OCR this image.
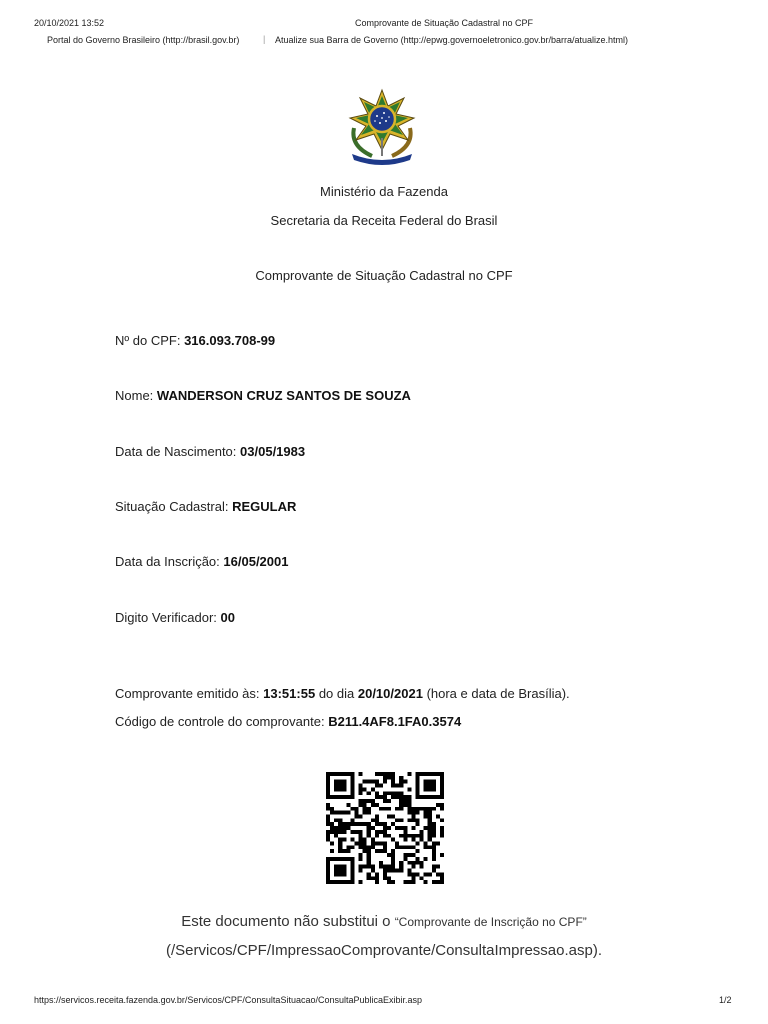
20/10/2021 13:52	Comprovante de Situação Cadastral no CPF
Portal do Governo Brasileiro (http://brasil.gov.br)	| Atualize sua Barra de Governo (http://epwg.governoeletronico.gov.br/barra/atualize.html)
Ministério da Fazenda
Secretaria da Receita Federal do Brasil
Comprovante de Situação Cadastral no CPF
Nº do CPF: 316.093.708-99
Nome: WANDERSON CRUZ SANTOS DE SOUZA
Data de Nascimento: 03/05/1983
Situação Cadastral: REGULAR
Data da Inscrição: 16/05/2001
Digito Verificador: 00
Comprovante emitido às: 13:51:55 do dia 20/10/2021 (hora e data de Brasília).
Código de controle do comprovante: B211.4AF8.1FA0.3574
Este documento não substitui o “Comprovante de Inscrição no CPF”
(/Servicos/CPF/ImpressaoComprovante/ConsultaImpressao.asp).
https://servicos.receita.fazenda.gov.br/Servicos/CPF/ConsultaSituacao/ConsultaPublicaExibir.asp	1/2
